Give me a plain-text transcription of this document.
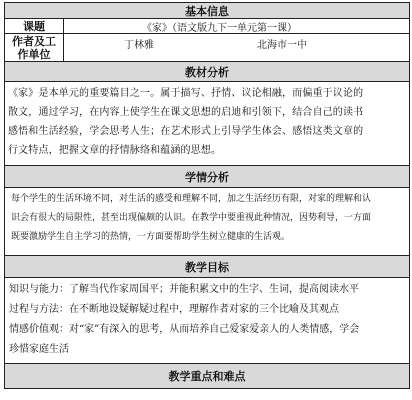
基本信息
课题	《家》（语文版九下一单元第一课）
作者及工
作单位
丁林雅	北海市一中
教材分析
《家》是本单元的重要篇目之一。属于描写、抒情、议论相融，而偏重于议论的
散文，通过学习，在内容上使学生在课文思想的启迪和引领下，结合自己的读书
感悟和生活经验，学会思考人生；在艺术形式上引导学生体会、感悟这类文章的
行文特点，把握文章的抒情脉络和蕴涵的思想。
学情分析
每个学生的生活环境不同，对生活的感受和理解不同，加之生活经历有限，对家的理解和认
识会有很大的局限性，甚至出现偏颇的认识。在教学中要重视此种情况，因势利导，一方面
既要激励学生自主学习的热情，一方面要帮助学生树立健康的生活观。
教学目标
知识与能力：了解当代作家周国平；并能积累文中的生字、生词，提高阅读水平
过程与方法：在不断地设疑解疑过程中，理解作者对家的三个比喻及其观点
情感价值观：对“家”有深入的思考，从而培养自己爱家爱亲人的人类情感，学会
珍惜家庭生活
教学重点和难点
